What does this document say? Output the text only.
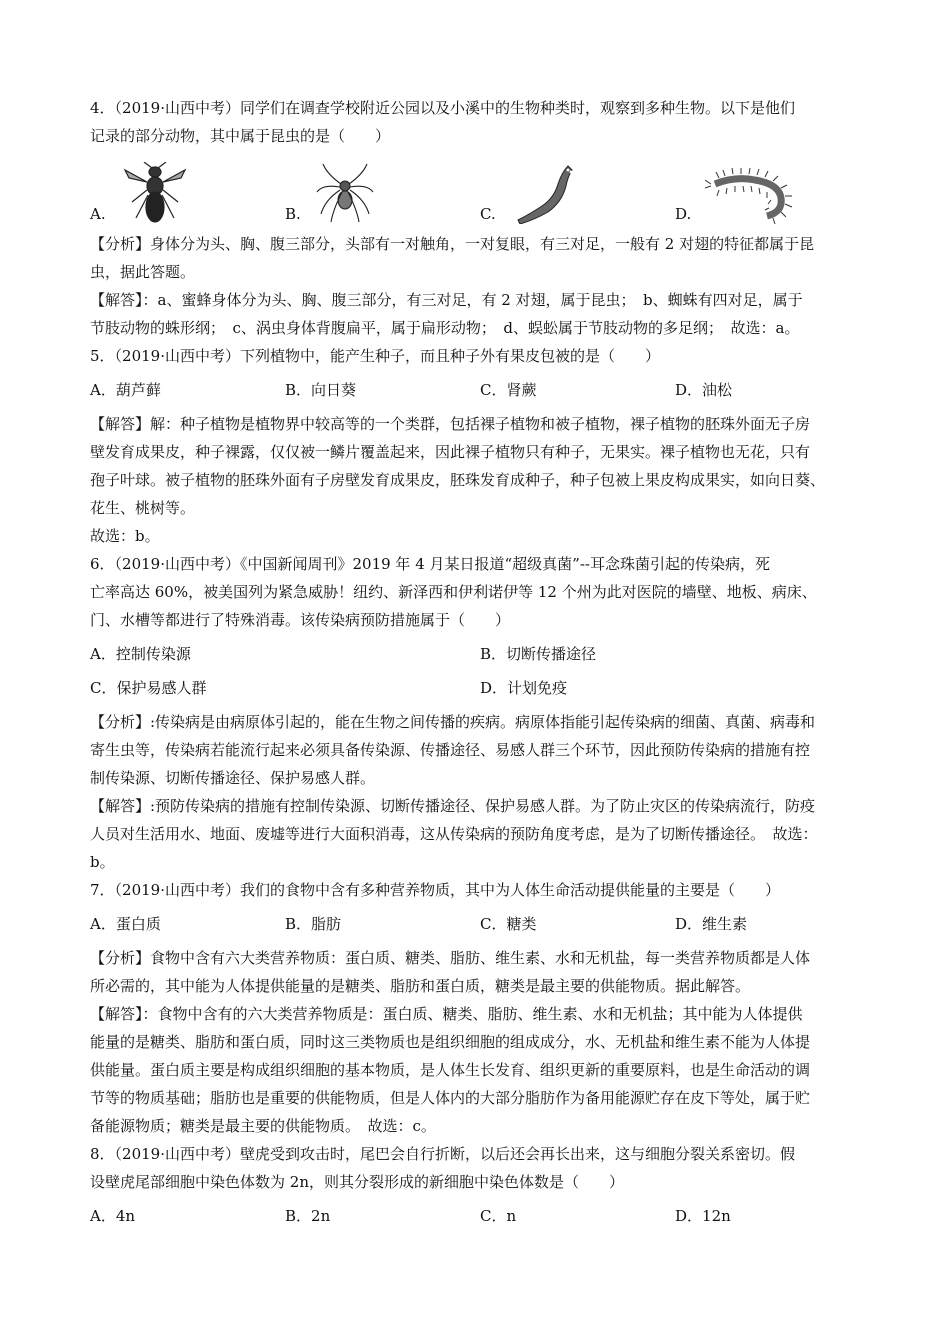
4．（2019·山西中考）同学们在调查学校附近公园以及小溪中的生物种类时，观察到多种生物。以下是他们

记录的部分动物，其中属于昆虫的是（　　）

A.	B.	C.	D.

【分析】身体分为头、胸、腹三部分，头部有一对触角，一对复眼，有三对足，一般有 2 对翅的特征都属于昆

虫，据此答题。

【解答】：a、蜜蜂身体分为头、胸、腹三部分，有三对足，有 2 对翅，属于昆虫；　b、蜘蛛有四对足，属于

节肢动物的蛛形纲；　c、涡虫身体背腹扁平，属于扁形动物；　d、蜈蚣属于节肢动物的多足纲；　故选：a。

5．（2019·山西中考）下列植物中，能产生种子，而且种子外有果皮包被的是（　　）

A．葫芦藓	B．向日葵	C．肾蕨	D．油松

【解答】解：种子植物是植物界中较高等的一个类群，包括裸子植物和被子植物，裸子植物的胚珠外面无子房

壁发育成果皮，种子裸露，仅仅被一鳞片覆盖起来，因此裸子植物只有种子，无果实。裸子植物也无花，只有

孢子叶球。被子植物的胚珠外面有子房壁发育成果皮，胚珠发育成种子，种子包被上果皮构成果实，如向日葵、

花生、桃树等。

故选：b。

6．（2019·山西中考）《中国新闻周刊》2019 年 4 月某日报道“超级真菌”--耳念珠菌引起的传染病，死

亡率高达 60%，被美国列为紧急威胁！纽约、新泽西和伊利诺伊等 12 个州为此对医院的墙壁、地板、病床、

门、水槽等都进行了特殊消毒。该传染病预防措施属于（　　）

A．控制传染源	B．切断传播途径
C．保护易感人群	D．计划免疫

【分析】:传染病是由病原体引起的，能在生物之间传播的疾病。病原体指能引起传染病的细菌、真菌、病毒和

寄生虫等，传染病若能流行起来必须具备传染源、传播途径、易感人群三个环节，因此预防传染病的措施有控

制传染源、切断传播途径、保护易感人群。

【解答】:预防传染病的措施有控制传染源、切断传播途径、保护易感人群。为了防止灾区的传染病流行，防疫

人员对生活用水、地面、废墟等进行大面积消毒，这从传染病的预防角度考虑，是为了切断传播途径。　故选：

b。

7．（2019·山西中考）我们的食物中含有多种营养物质，其中为人体生命活动提供能量的主要是（　　）

A．蛋白质	B．脂肪	C．糖类	D．维生素

【分析】食物中含有六大类营养物质：蛋白质、糖类、脂肪、维生素、水和无机盐，每一类营养物质都是人体

所必需的，其中能为人体提供能量的是糖类、脂肪和蛋白质，糖类是最主要的供能物质。据此解答。

【解答】：食物中含有的六大类营养物质是：蛋白质、糖类、脂肪、维生素、水和无机盐；其中能为人体提供

能量的是糖类、脂肪和蛋白质，同时这三类物质也是组织细胞的组成成分，水、无机盐和维生素不能为人体提

供能量。蛋白质主要是构成组织细胞的基本物质，是人体生长发育、组织更新的重要原料，也是生命活动的调

节等的物质基础；脂肪也是重要的供能物质，但是人体内的大部分脂肪作为备用能源贮存在皮下等处，属于贮

备能源物质；糖类是最主要的供能物质。　故选：c。

8．（2019·山西中考）壁虎受到攻击时，尾巴会自行折断，以后还会再长出来，这与细胞分裂关系密切。假

设壁虎尾部细胞中染色体数为 2n，则其分裂形成的新细胞中染色体数是（　　）

A．4n	B．2n	C．n	D．12n
